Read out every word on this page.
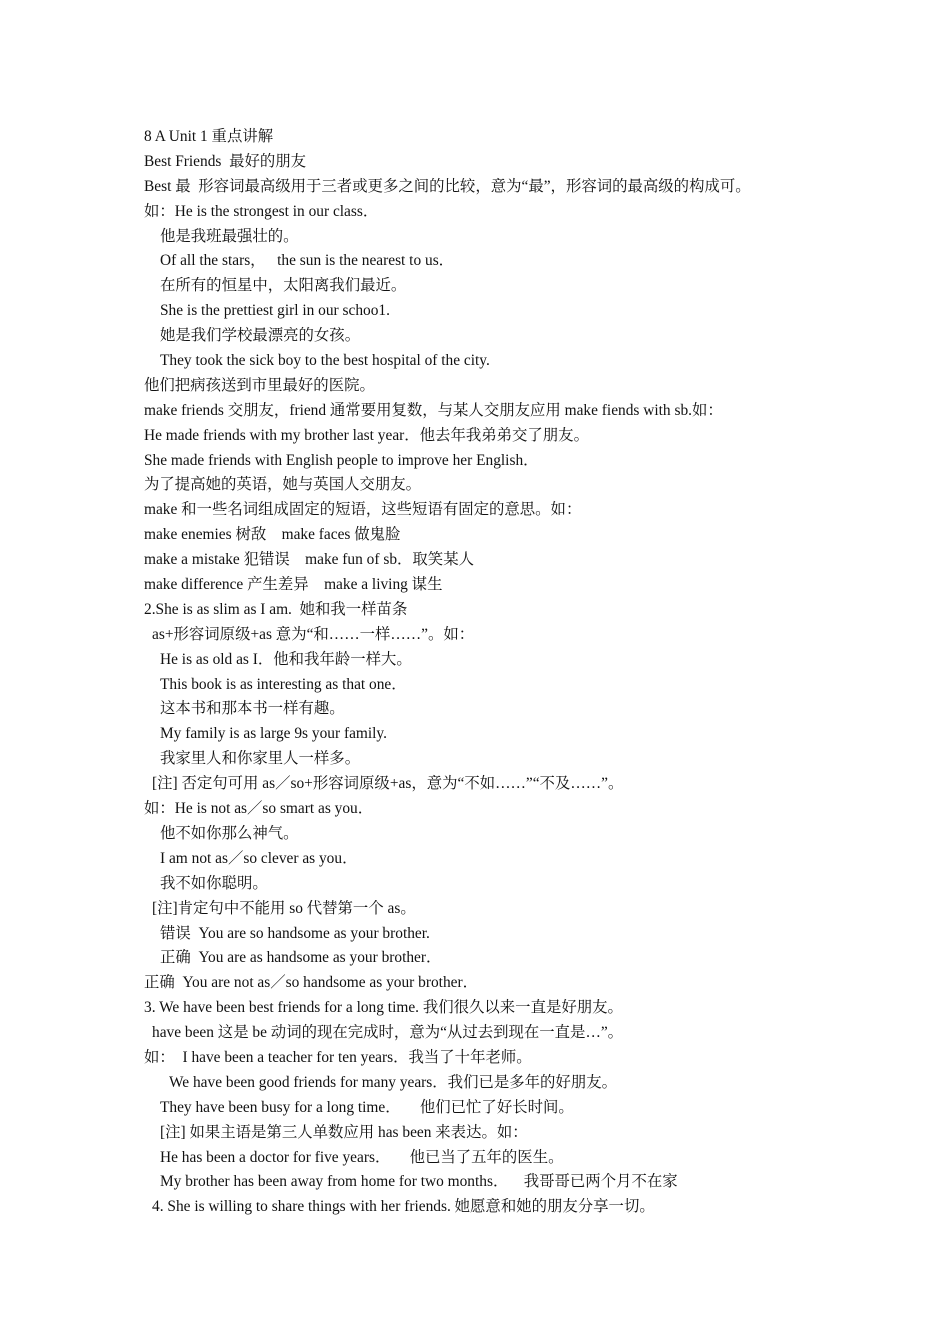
8 A Unit 1 重点讲解
Best Friends  最好的朋友
Best 最  形容词最高级用于三者或更多之间的比较，意为“最”，形容词的最高级的构成可。
如：He is the strongest in our class．
他是我班最强壮的。
Of all the stars，   the sun is the nearest to us．
在所有的恒星中，太阳离我们最近。
She is the prettiest girl in our schoo1.
她是我们学校最漂亮的女孩。
They took the sick boy to the best hospital of the city.
他们把病孩送到市里最好的医院。
make friends 交朋友，friend 通常要用复数，与某人交朋友应用 make fiends with sb.如：
He made friends with my brother last year．他去年我弟弟交了朋友。
She made friends with English people to improve her English．
为了提高她的英语，她与英国人交朋友。
make 和一些名词组成固定的短语，这些短语有固定的意思。如：
make enemies 树敌    make faces 做鬼脸
make a mistake 犯错误    make fun of sb．取笑某人
make difference 产生差异    make a living 谋生
2.She is as slim as I am.  她和我一样苗条
as+形容词原级+as 意为“和……一样……”。如：
He is as old as I．他和我年龄一样大。
This book is as interesting as that one．
这本书和那本书一样有趣。
My family is as large 9s your family.
我家里人和你家里人一样多。
[注] 否定句可用 as／so+形容词原级+as，意为“不如……”“不及……”。
如：He is not as／so smart as you．
他不如你那么神气。
I am not as／so clever as you．
我不如你聪明。
[注]肯定句中不能用 so 代替第一个 as。
错误  You are so handsome as your brother.
正确  You are as handsome as your brother．
正确  You are not as／so handsome as your brother．
3. We have been best friends for a long time. 我们很久以来一直是好朋友。
have been 这是 be 动词的现在完成时，意为“从过去到现在一直是…”。
如：  I have been a teacher for ten years．我当了十年老师。
We have been good friends for many years．我们已是多年的好朋友。
They have been busy for a long time．     他们已忙了好长时间。
[注] 如果主语是第三人单数应用 has been 来表达。如：
He has been a doctor for five years．     他已当了五年的医生。
My brother has been away from home for two months．    我哥哥已两个月不在家
4. She is willing to share things with her friends. 她愿意和她的朋友分享一切。
